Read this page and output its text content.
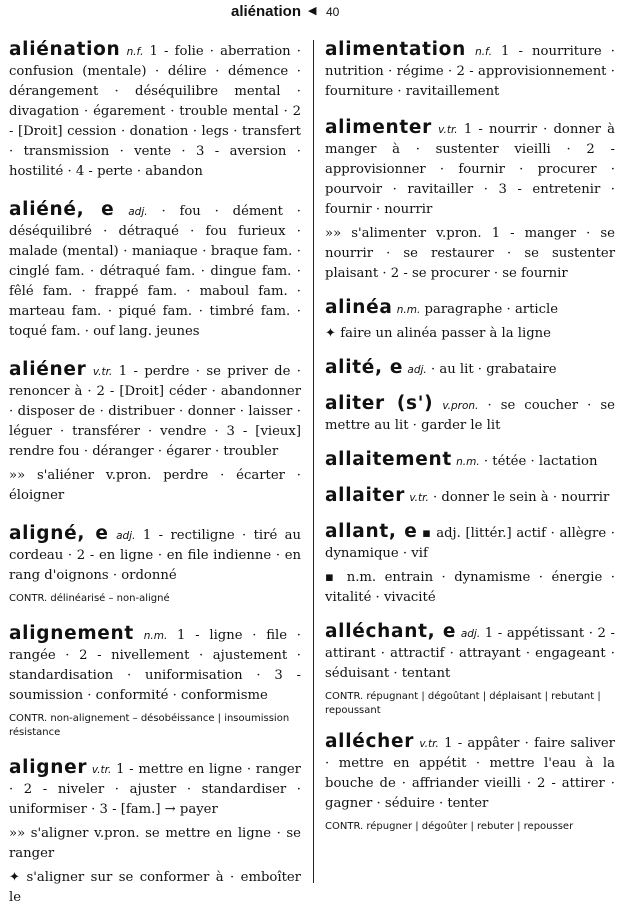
aliénation ◀ 40

aliénation n.f. 1 - folie · aberration · confusion (mentale) · délire · démence · dérangement · déséquilibre mental · divagation · égarement · trouble mental · 2 - [Droit] cession · donation · legs · transfert · transmission · vente · 3 - aversion · hostilité · 4 - perte · abandon

aliéné, e adj. · fou · dément · déséquilibré · détraqué · fou furieux · malade (mental) · maniaque · braque fam. · cinglé fam. · détraqué fam. · dingue fam. · fêlé fam. · frappé fam. · maboul fam. · marteau fam. · piqué fam. · timbré fam. · toqué fam. · ouf lang. jeunes

aliéner v.tr. 1 - perdre · se priver de · renoncer à · 2 - [Droit] céder · abandonner · disposer de · distribuer · donner · laisser · léguer · transférer · vendre · 3 - [vieux] rendre fou · déranger · égarer · troubler

»» s'aliéner v.pron. perdre · écarter · éloigner

aligné, e adj. 1 - rectiligne · tiré au cordeau · 2 - en ligne · en file indienne · en rang d'oignons · ordonné

CONTR. délinéarisé – non-aligné

alignement n.m. 1 - ligne · file · rangée · 2 - nivellement · ajustement · standardisation · uniformisation · 3 - soumission · conformité · conformisme

CONTR. non-alignement – désobéissance | insoumission résistance

aligner v.tr. 1 - mettre en ligne · ranger · 2 - niveler · ajuster · standardiser · uniformiser · 3 - [fam.] → payer

»» s'aligner v.pron. se mettre en ligne · se ranger

✦ s'aligner sur se conformer à · emboîter le

alimentation n.f. 1 - nourriture · nutrition · régime · 2 - approvisionnement · fourniture · ravitaillement

alimenter v.tr. 1 - nourrir · donner à manger à · sustenter vieilli · 2 - approvisionner · fournir · procurer · pourvoir · ravitailler · 3 - entretenir · fournir · nourrir

»» s'alimenter v.pron. 1 - manger · se nourrir · se restaurer · se sustenter plaisant · 2 - se procurer · se fournir

alinéa n.m. paragraphe · article

✦ faire un alinéa passer à la ligne

alité, e adj. · au lit · grabataire

aliter (s') v.pron. · se coucher · se mettre au lit · garder le lit

allaitement n.m. · tétée · lactation

allaiter v.tr. · donner le sein à · nourrir

allant, e ▪ adj. [littér.] actif · allègre · dynamique · vif

▪ n.m. entrain · dynamisme · énergie · vitalité · vivacité

alléchant, e adj. 1 - appétissant · 2 - attirant · attractif · attrayant · engageant · séduisant · tentant

CONTR. répugnant | dégoûtant | déplaisant | rebutant | repoussant

allécher v.tr. 1 - appâter · faire saliver · mettre en appétit · mettre l'eau à la bouche de · affriander vieilli · 2 - attirer · gagner · séduire · tenter

CONTR. répugner | dégoûter | rebuter | repousser
